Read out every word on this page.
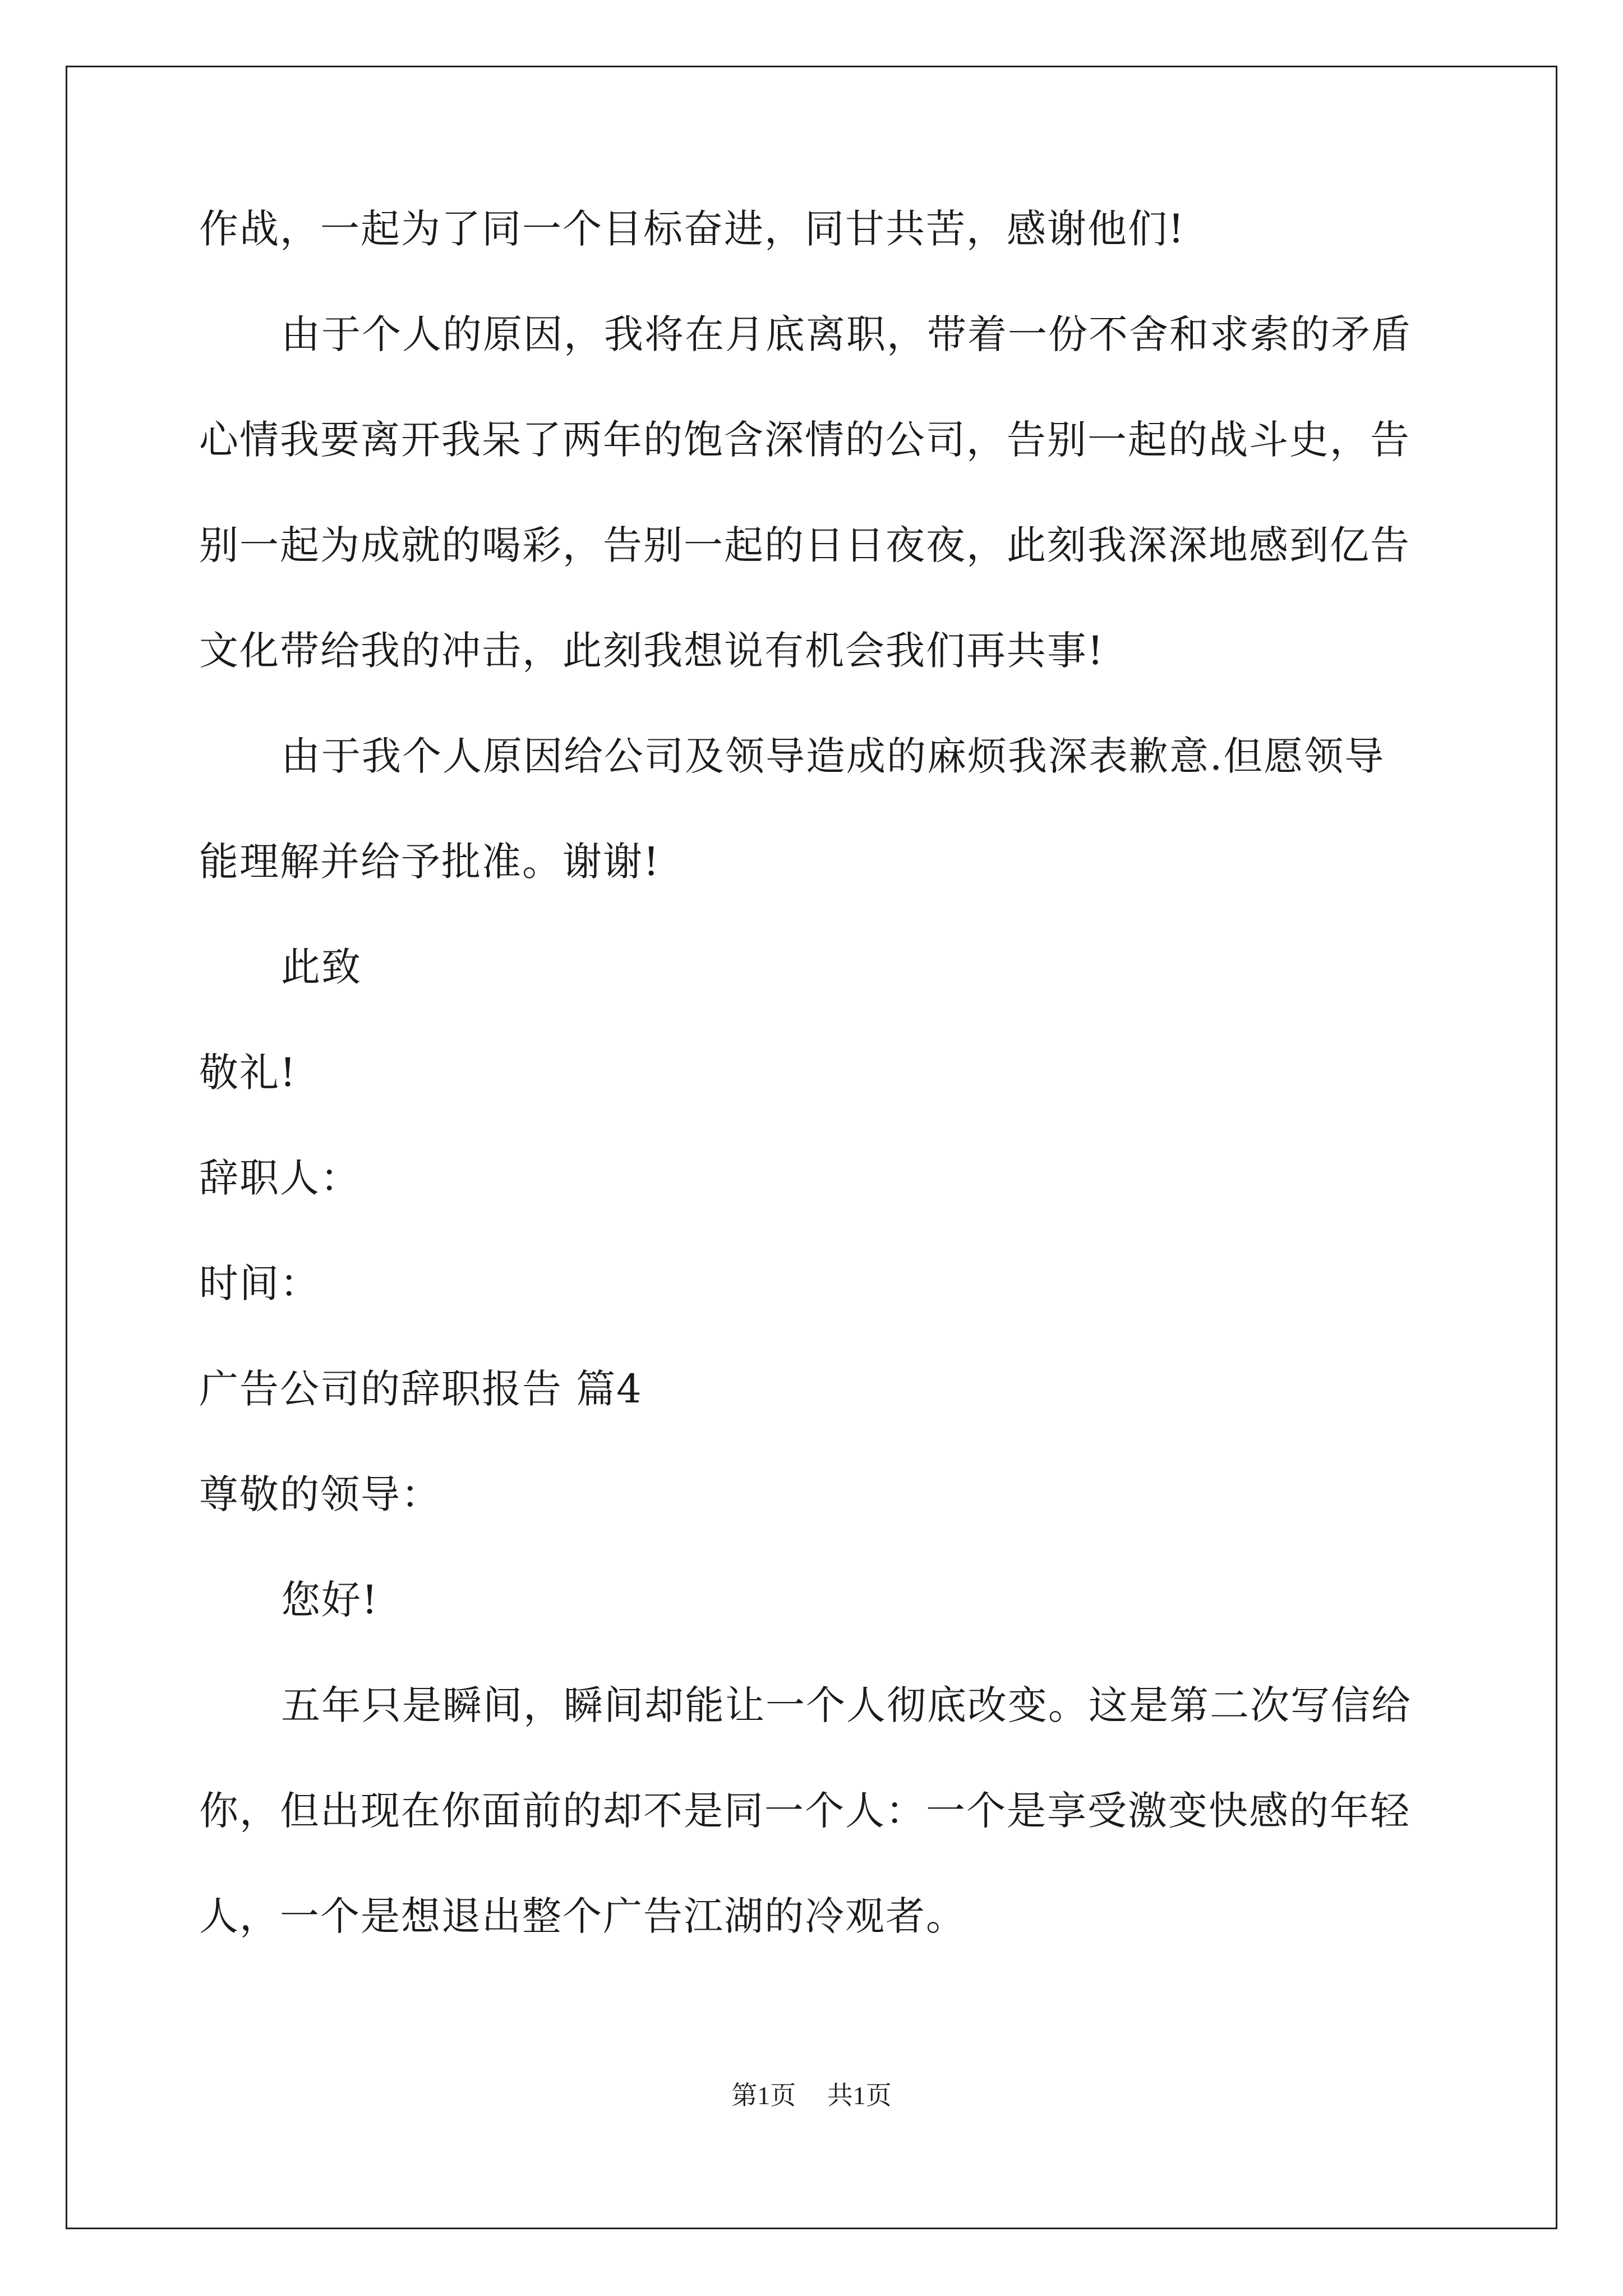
作战，一起为了同一个目标奋进，同甘共苦，感谢他们!

由于个人的原因，我将在月底离职，带着一份不舍和求索的矛盾

心情我要离开我呆了两年的饱含深情的公司，告别一起的战斗史，告

别一起为成就的喝彩，告别一起的日日夜夜，此刻我深深地感到亿告

文化带给我的冲击，此刻我想说有机会我们再共事!

由于我个人原因给公司及领导造成的麻烦我深表歉意.但愿领导

能理解并给予批准。谢谢!

此致

敬礼!

辞职人：

时间：

广告公司的辞职报告 篇4

尊敬的领导：

您好!

五年只是瞬间，瞬间却能让一个人彻底改变。这是第二次写信给

你，但出现在你面前的却不是同一个人：一个是享受激变快感的年轻

人，一个是想退出整个广告江湖的冷观者。

第1页 共1页
